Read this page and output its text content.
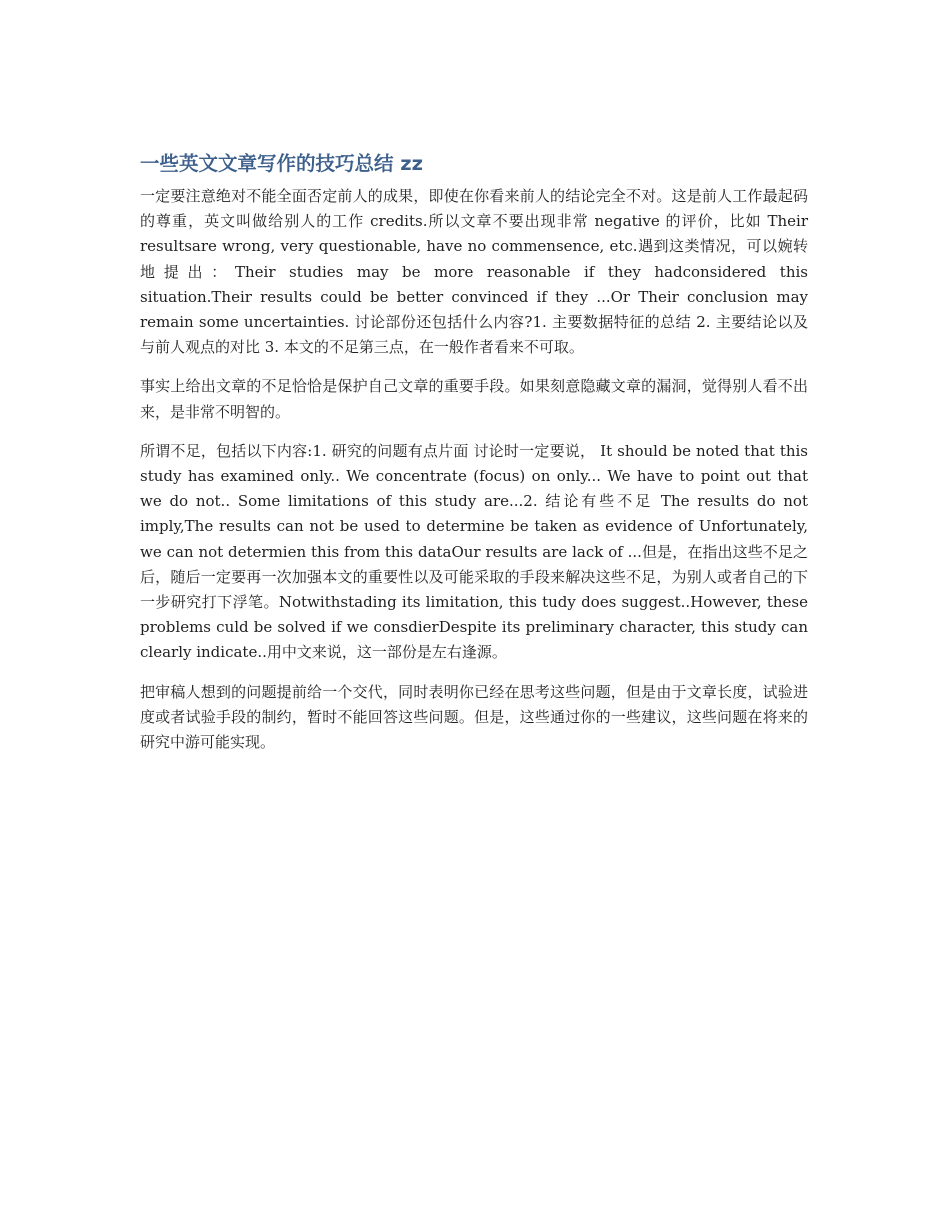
一些英文文章写作的技巧总结 zz

一定要注意绝对不能全面否定前人的成果，即使在你看来前人的结论完全不对。这是前人工作最起码的尊重，英文叫做给别人的工作 credits.所以文章不要出现非常 negative 的评价，比如 Their resultsare wrong, very questionable, have no commensence, etc.遇到这类情况，可以婉转地提出：Their studies may be more reasonable if they hadconsidered this situation.Their results could be better convinced if they ...Or Their conclusion may remain some uncertainties. 讨论部份还包括什么内容?1. 主要数据特征的总结 2. 主要结论以及与前人观点的对比 3. 本文的不足第三点，在一般作者看来不可取。

事实上给出文章的不足恰恰是保护自己文章的重要手段。如果刻意隐藏文章的漏洞，觉得别人看不出来，是非常不明智的。

所谓不足，包括以下内容:1. 研究的问题有点片面 讨论时一定要说， It should be noted that this study has examined only.. We concentrate (focus) on only... We have to point out that we do not.. Some limitations of this study are...2. 结论有些不足 The results do not imply,The results can not be used to determine be taken as evidence of Unfortunately, we can not determien this from this dataOur results are lack of ...但是，在指出这些不足之后，随后一定要再一次加强本文的重要性以及可能采取的手段来解决这些不足，为别人或者自己的下一步研究打下浮笔。Notwithstading its limitation, this tudy does suggest..However, these problems culd be solved if we consdierDespite its preliminary character, this study can clearly indicate..用中文来说，这一部份是左右逢源。

把审稿人想到的问题提前给一个交代，同时表明你已经在思考这些问题，但是由于文章长度，试验进度或者试验手段的制约，暂时不能回答这些问题。但是，这些通过你的一些建议，这些问题在将来的研究中游可能实现。
